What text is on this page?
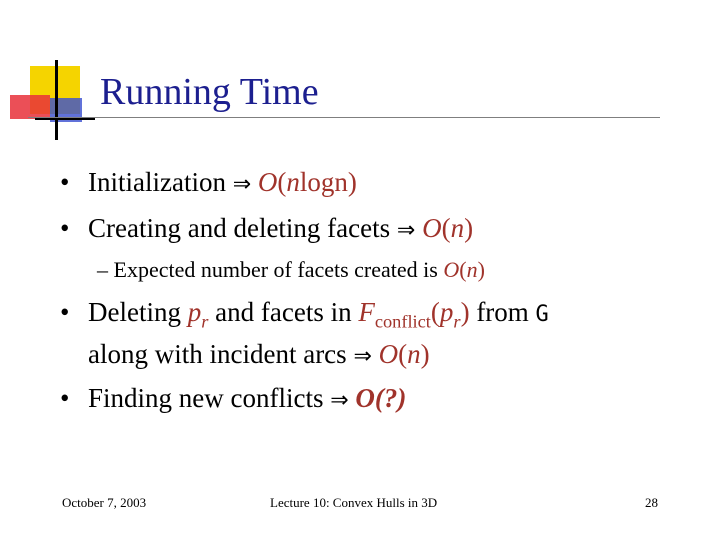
Running Time
• Initialization ⇒ O(nlogn)
• Creating and deleting facets ⇒ O(n)
– Expected number of facets created is O(n)
• Deleting $p_r$ and facets in $F_{conflict}(p_r)$ from G
along with incident arcs ⇒ O(n)
• Finding new conflicts ⇒ O(?)
October 7, 2003	Lecture 10: Convex Hulls in 3D	28
